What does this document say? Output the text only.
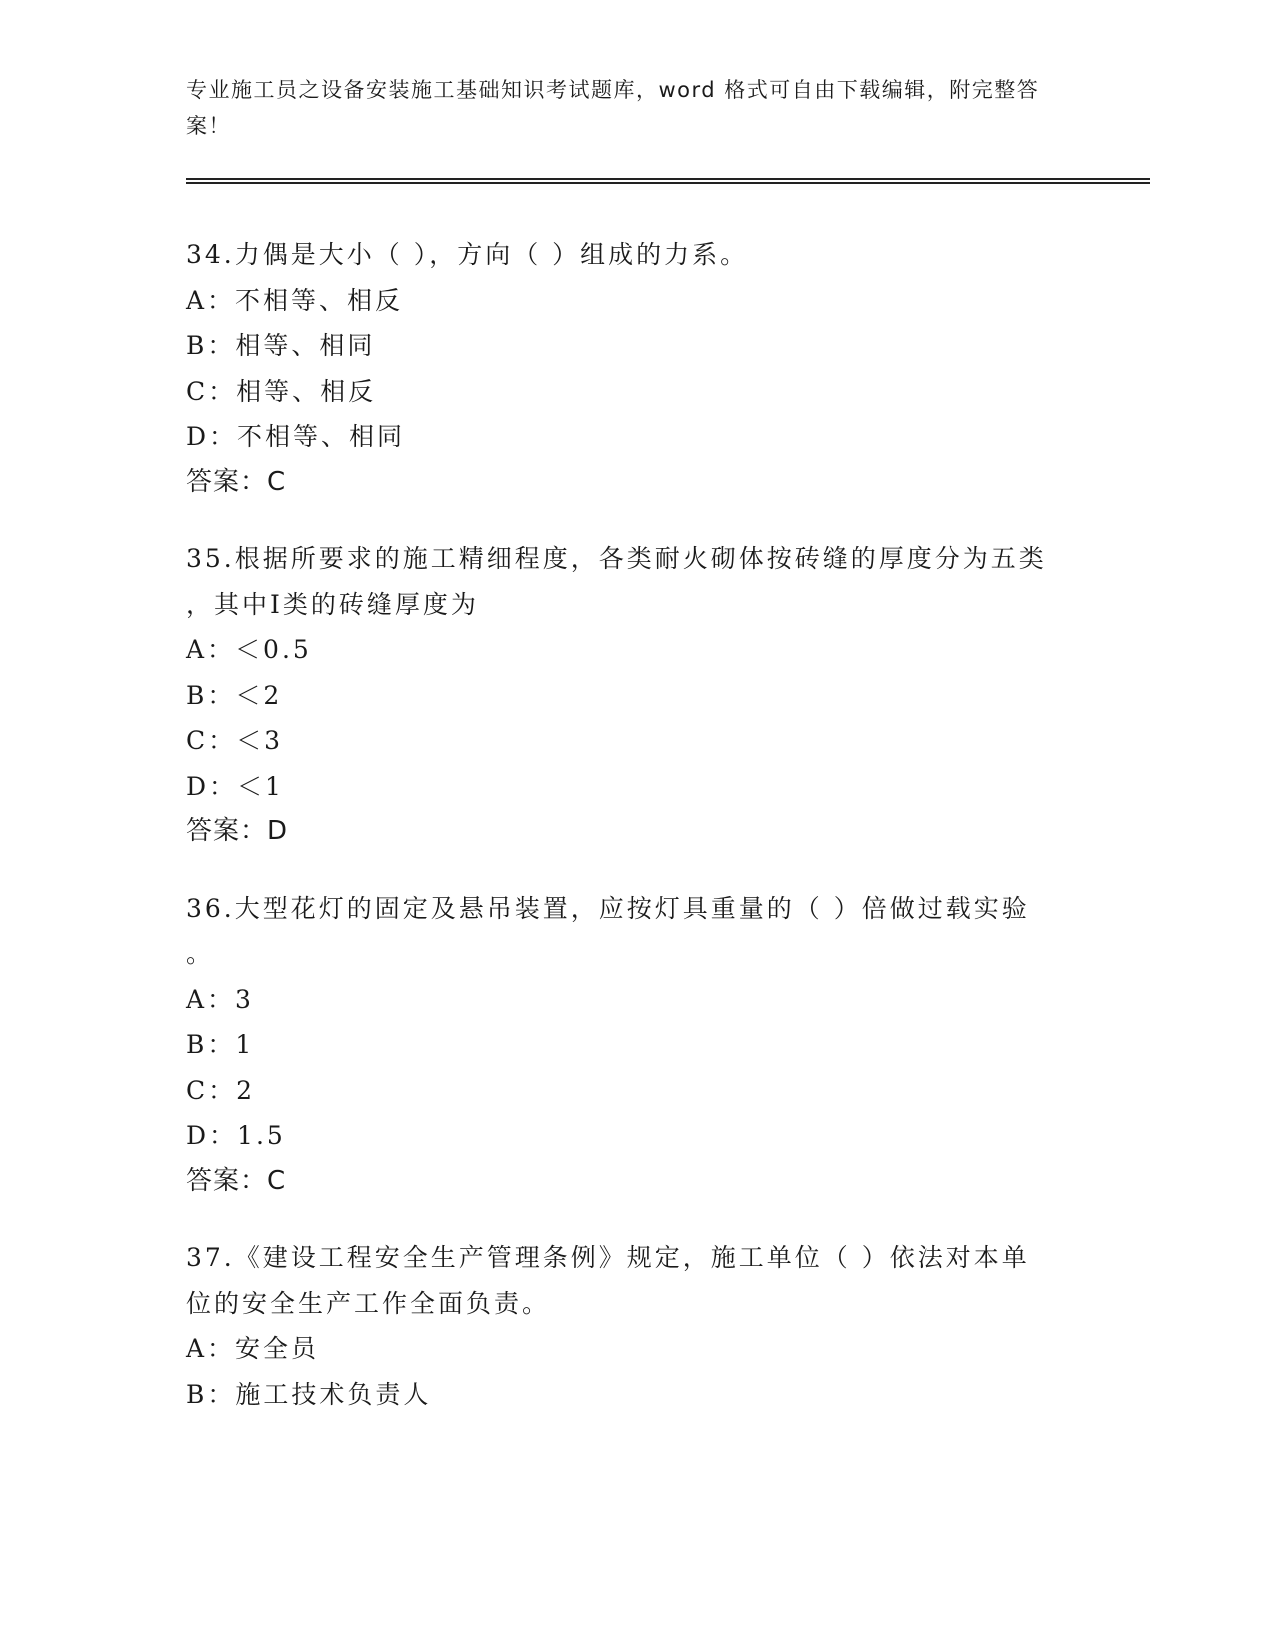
专业施工员之设备安装施工基础知识考试题库，word 格式可自由下载编辑，附完整答案！
34.力偶是大小（ ），方向（ ）组成的力系。
A：不相等、相反
B：相等、相同
C：相等、相反
D：不相等、相同
答案：C
35.根据所要求的施工精细程度，各类耐火砌体按砖缝的厚度分为五类
，其中Ⅰ类的砖缝厚度为
A：＜0.5
B：＜2
C：＜3
D：＜1
答案：D
36.大型花灯的固定及悬吊装置，应按灯具重量的（ ）倍做过载实验
。
A：3
B：1
C：2
D：1.5
答案：C
37.《建设工程安全生产管理条例》规定，施工单位（ ）依法对本单
位的安全生产工作全面负责。
A：安全员
B：施工技术负责人
